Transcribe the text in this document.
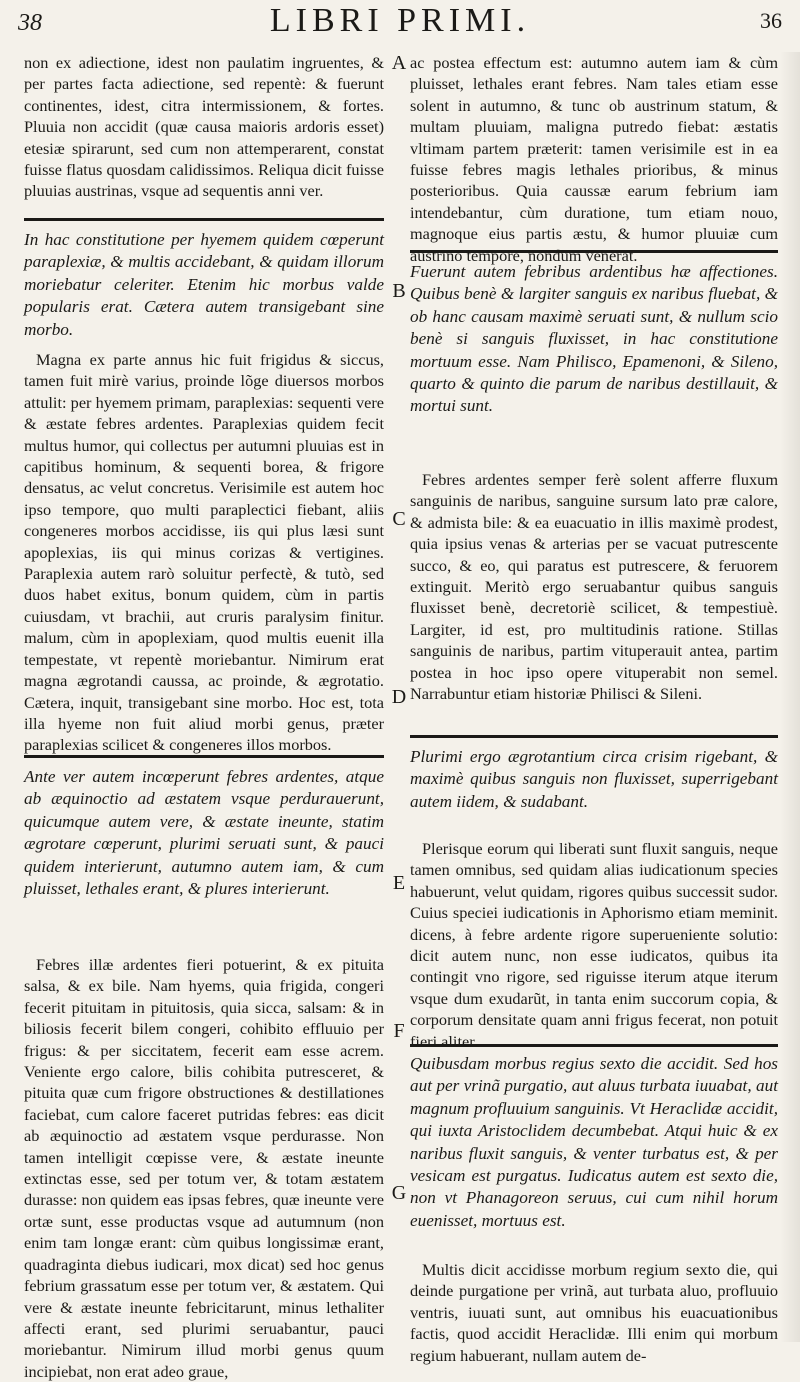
38	LIBRI PRIMI.	36
A
B
C
D
E
F
G

non ex adiectione, idest non paulatim ingruentes, & per partes facta adiectione, sed repentè: & fuerunt continentes, idest, citra intermissionem, & fortes. Pluuia non accidit (quæ causa maioris ardoris esset) etesiæ spirarunt, sed cum non attemperarent, constat fuisse flatus quosdam calidissimos. Reliqua dicit fuisse pluuias austrinas, vsque ad sequentis anni ver.

In hac constitutione per hyemem quidem cœperunt paraplexiæ, & multis accidebant, & quidam illorum moriebatur celeriter. Etenim hic morbus valde popularis erat. Cætera autem transigebant sine morbo.

Magna ex parte annus hic fuit frigidus & siccus, tamen fuit mirè varius, proinde lõge diuersos morbos attulit: per hyemem primam, paraplexias: sequenti vere & æstate febres ardentes. Paraplexias quidem fecit multus humor, qui collectus per autumni pluuias est in capitibus hominum, & sequenti borea, & frigore densatus, ac velut concretus. Verisimile est autem hoc ipso tempore, quo multi paraplectici fiebant, aliis congeneres morbos accidisse, iis qui plus læsi sunt apoplexias, iis qui minus corizas & vertigines. Paraplexia autem rarò soluitur perfectè, & tutò, sed duos habet exitus, bonum quidem, cùm in partis cuiusdam, vt brachii, aut cruris paralysim finitur. malum, cùm in apoplexiam, quod multis euenit illa tempestate, vt repentè moriebantur. Nimirum erat magna ægrotandi caussa, ac proinde, & ægrotatio. Cætera, inquit, transigebant sine morbo. Hoc est, tota illa hyeme non fuit aliud morbi genus, præter paraplexias scilicet & congeneres illos morbos.

Ante ver autem incœperunt febres ardentes, atque ab æquinoctio ad æstatem vsque perdurauerunt, quicumque autem vere, & æstate ineunte, statim ægrotare cœperunt, plurimi seruati sunt, & pauci quidem interierunt, autumno autem iam, & cum pluisset, lethales erant, & plures interierunt.

Febres illæ ardentes fieri potuerint, & ex pituita salsa, & ex bile. Nam hyems, quia frigida, congeri fecerit pituitam in pituitosis, quia sicca, salsam: & in biliosis fecerit bilem congeri, cohibito effluuio per frigus: & per siccitatem, fecerit eam esse acrem. Veniente ergo calore, bilis cohibita putresceret, & pituita quæ cum frigore obstructiones & destillationes faciebat, cum calore faceret putridas febres: eas dicit ab æquinoctio ad æstatem vsque perdurasse. Non tamen intelligit cœpisse vere, & æstate ineunte extinctas esse, sed per totum ver, & totam æstatem durasse: non quidem eas ipsas febres, quæ ineunte vere ortæ sunt, esse productas vsque ad autumnum (non enim tam longæ erant: cùm quibus longissimæ erant, quadraginta diebus iudicari, mox dicat) sed hoc genus febrium grassatum esse per totum ver, & æstatem. Qui vere & æstate ineunte febricitarunt, minus lethaliter affecti erant, sed plurimi seruabantur, pauci moriebantur. Nimirum illud morbi genus quum incipiebat, non erat adeo graue,

ac postea effectum est: autumno autem iam & cùm pluisset, lethales erant febres. Nam tales etiam esse solent in autumno, & tunc ob austrinum statum, & multam pluuiam, maligna putredo fiebat: æstatis vltimam partem præterit: tamen verisimile est in ea fuisse febres magis lethales prioribus, & minus posterioribus. Quia caussæ earum febrium iam intendebantur, cùm duratione, tum etiam nouo, magnoque eius partis æstu, & humor pluuiæ cum austrino tempore, nondum venerat.

Fuerunt autem febribus ardentibus hæ affectiones. Quibus benè & largiter sanguis ex naribus fluebat, & ob hanc causam maximè seruati sunt, & nullum scio benè si sanguis fluxisset, in hac constitutione mortuum esse. Nam Philisco, Epamenoni, & Sileno, quarto & quinto die parum de naribus destillauit, & mortui sunt.

Febres ardentes semper ferè solent afferre fluxum sanguinis de naribus, sanguine sursum lato præ calore, & admista bile: & ea euacuatio in illis maximè prodest, quia ipsius venas & arterias per se vacuat putrescente succo, & eo, qui paratus est putrescere, & feruorem extinguit. Meritò ergo seruabantur quibus sanguis fluxisset benè, decretoriè scilicet, & tempestiuè. Largiter, id est, pro multitudinis ratione. Stillas sanguinis de naribus, partim vituperauit antea, partim postea in hoc ipso opere vituperabit non semel. Narrabuntur etiam historiæ Philisci & Sileni.

Plurimi ergo ægrotantium circa crisim rigebant, & maximè quibus sanguis non fluxisset, superrigebant autem iidem, & sudabant.

Plerisque eorum qui liberati sunt fluxit sanguis, neque tamen omnibus, sed quidam alias iudicationum species habuerunt, velut quidam, rigores quibus successit sudor. Cuius speciei iudicationis in Aphorismo etiam meminit. dicens, à febre ardente rigore superueniente solutio: dicit autem nunc, non esse iudicatos, quibus ita contingit vno rigore, sed riguisse iterum atque iterum vsque dum exudarũt, in tanta enim succorum copia, & corporum densitate quam anni frigus fecerat, non potuit fieri aliter.

Quibusdam morbus regius sexto die accidit. Sed hos aut per vrinã purgatio, aut aluus turbata iuuabat, aut magnum profluuium sanguinis. Vt Heraclidæ accidit, qui iuxta Aristoclidem decumbebat. Atqui huic & ex naribus fluxit sanguis, & venter turbatus est, & per vesicam est purgatus. Iudicatus autem est sexto die, non vt Phanagoreon seruus, cui cum nihil horum euenisset, mortuus est.

Multis dicit accidisse morbum regium sexto die, qui deinde purgatione per vrinã, aut turbata aluo, profluuio ventris, iuuati sunt, aut omnibus his euacuationibus factis, quod accidit Heraclidæ. Illi enim qui morbum regium habuerant, nullam autem de-
